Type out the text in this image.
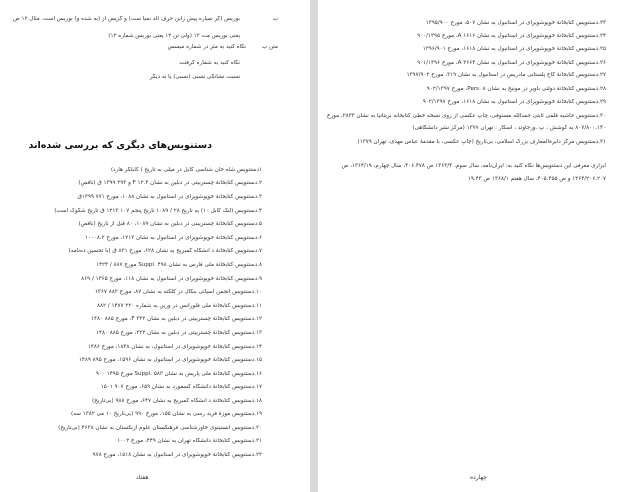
ب
بوریس (گر نمیاره پیش زابن حرف آلد نمیا ست) و گزیس از (به شده و) بوریس است. مثال ۱۲ ص
یعنی بوریس مت ۱۲ (ولی تن ۱۲ یعنی بوریس شماره ۱۲)
متن ب
نگاه کنید به مثر در شماره میسس
نگاه کنید به شماره گرفتت
نسبت نشانگی نسبی (نسبی) یا به دیگر
دستنویس‌های دیگری که بررسی شده‌اند
۱دستنویس شاه خان شناسی کابل در میلی به تاریخ ( کابلگر هارد)
۲.دستنویس کتابخانهٔ چستربیتی در دبلین به نشان F ۱۲.۴ و ۲۹۳ ۱۳۹۹ ق (ناقص)
۳.دستنویس کتابخانهٔ خوپوشوپرای در استانبول به نشان ۱۰۸۸، مورخ ۷۷۱ ۱۳۹۹ق
۴.دستنویس (لنک کابل ۱۰) به تاریخ ۲۸ / ۱۰۸۹ تاریخ پنجم ۱۰۷ ۱۲۱۳ ق تاریخ شکوک است)
۵.دستنویس کتابخانهٔ چستربیتی در دبلین به نشان ۱۰۸۹، ۸۰ قبل از تاریخ (ناقص)
۶.دستنویس کتابخانهٔ خوپوشوپرای در استانبول به نشان ۱۲۱۲، مورخ ۱۰۰۰۸.۲
۷.دستنویس کتابخانهٔ د انشگاه کمبریج به نشان ۶۲۸، مورخ ۸۲۱ ق (با تحسین ده‌نامه)
۸.دستنویس کتابخانهٔ ملی فارس به نشان ۴۹۸ .Suppl مورخ ۸۸۷ / ۱۴۲۴
۹.دستنویس کتابخانهٔ خوپوشوپرای در استانبول به نشان ۱۱۸، مورخ ۱۳۶۵ / ۸۶۹
۱۰.دستنویس انجمن آسیائی بنگال در کلکته به نشان ۸۷، مورخ ۸۸۲ ۱۳۶۷
۱۱.دستنویس کتابخانهٔ ملی فلورانس در ورین به شماره ۲۲۰ ۱۴۷۷ / ۸۸۲
۱۲.دستنویس کتابخانهٔ چستربیتی در دبلین به نشان F ۳۳۲، مورخ ۸۸۵ ۱۴۸۰
۱۳.دستنویس کتابخانهٔ چستربیتی در دبلین به نشان ۲۳۲، مورخ ۸۸۵ ۱۴۸۰
۱۴.دستنویس کتابخانهٔ خوپوشوپرای در استانبول، به نشان ۱۸۴۸، مورخ ۱۴۸۶
۱۵.دستنویس کتابخانهٔ خوپوشوپرای در استانبول به نشان ۱۵۹۶، مورخ ۸۹۵ ۱۴۸۹
۱۶.دستنویس کتابخانهٔ ملی پاریس به نشان ۵۸۳ .Suppl مورخ ۱۴۹۵ ۹۰۰
۱۷.دستنویس کتابخانهٔ دانشگاه کسفورد به نشان ۶۵۹، مورخ ۹۰۷ ۱۵۰۱
۱۸.دستنویس کتابخانهٔ د انشگاه کمبریج به نشان ۶۴۷، مورخ ۹۸۸ (بی‌تاریخ)
۱۹.دستنویس موزهٔ فرید رسی به نشان ۱۵۵، مورخ ۹۹۰ (بی‌تاریخ ۱۰ می ۱۳۸۲ سه)
۲۰.دستنویس انستیتوی خاورشناسی فرهنگستان علوم ازبکستان به نشان ۴۶۲۸ (بی‌تاریخ)
۲۱.دستنویس کتابخانهٔ دانشگاه تهران به نشان ۴۴۹، مورخ ۱۰۰۲
۲۲.دستنویس کتابخانهٔ خوپوشوپرای در استانبول به نشان ۱۵۱۸، مورخ ۹۷۸
هفتاد
۲۳.دستنویس کتابخانهٔ خوپوشوپرای در استانبول به نشان ۵۰۷، مورخ ۱۳۹۵/۹۰۰
۲۴.دستنویس کتابخانهٔ خوپوشوپرای در استانبول به نشان A ۱۶۱۶، مورخ ۹۰۰/۱۳۹۵
۲۵.دستنویس کتابخانهٔ خوپوشوپرای در استانبول به نشان ۱۶۱۸، مورخ ۱۳۹۶/۹۰۱
۲۶.دستنویس کتابخانهٔ خوپوشوپرای در استانبول به نشان A ۳۶۶۴، مورخ ۹۰۱/۱۳۹۶
۲۷.دستنویس کتابخانهٔ کاخ پلستانی مادریس در استانبول به نشان ۳۱۹، مورخ ۱۳۹۷/۹۰۲
۲۸.دستنویس کتابخانهٔ دولتی باویر در مونیخ به نشان Pers. ۸، مورخ ۹۰۲/۱۳۹۷
۲۹.دستنویس کتابخانهٔ خوپوشوپرای در استانبول به نشان ۱۶۱۸، مورخ ۹۰۲/۱۳۹۷
۳۰.دستنویس حاشیه قلمی ثابتی حمدالله مستوفی، چاپ عکسی از روی نسخه خطی کتابخانه بریتانیا به نشان ۲۸۳۳، مورخ
۸۰۷/۸۰۰،۱۴۰ به کوشش ، پ .ورجاوند ، اسکار : تهران ۱۳۷۷ (مرکز نشر دانشگاهی)
۳۱.دستنویس مرکز دایرةالمعارف بزرگ اسلامی، بی‌تاریخ (چاپ عکسی، با مقدمهٔ عباس مهدی، تهران ۱۳۷۹)
ابزاری معرفی این دستنویس‌ها نگاه کنید به: ایران‌نامه، سال سوم، ۱۳۶۳/۴ ص ۴۰۶.۴۷۸، سال چهارم، ۱۳۶۴/۱۹، ص
۱۳۶۴/۲۰۶.۲۰۷ و ص ۴۰۵.۴۵۵، سال هفتم ۱۳۶۸/۱ ص ۱۹.۴۳
چهارده
